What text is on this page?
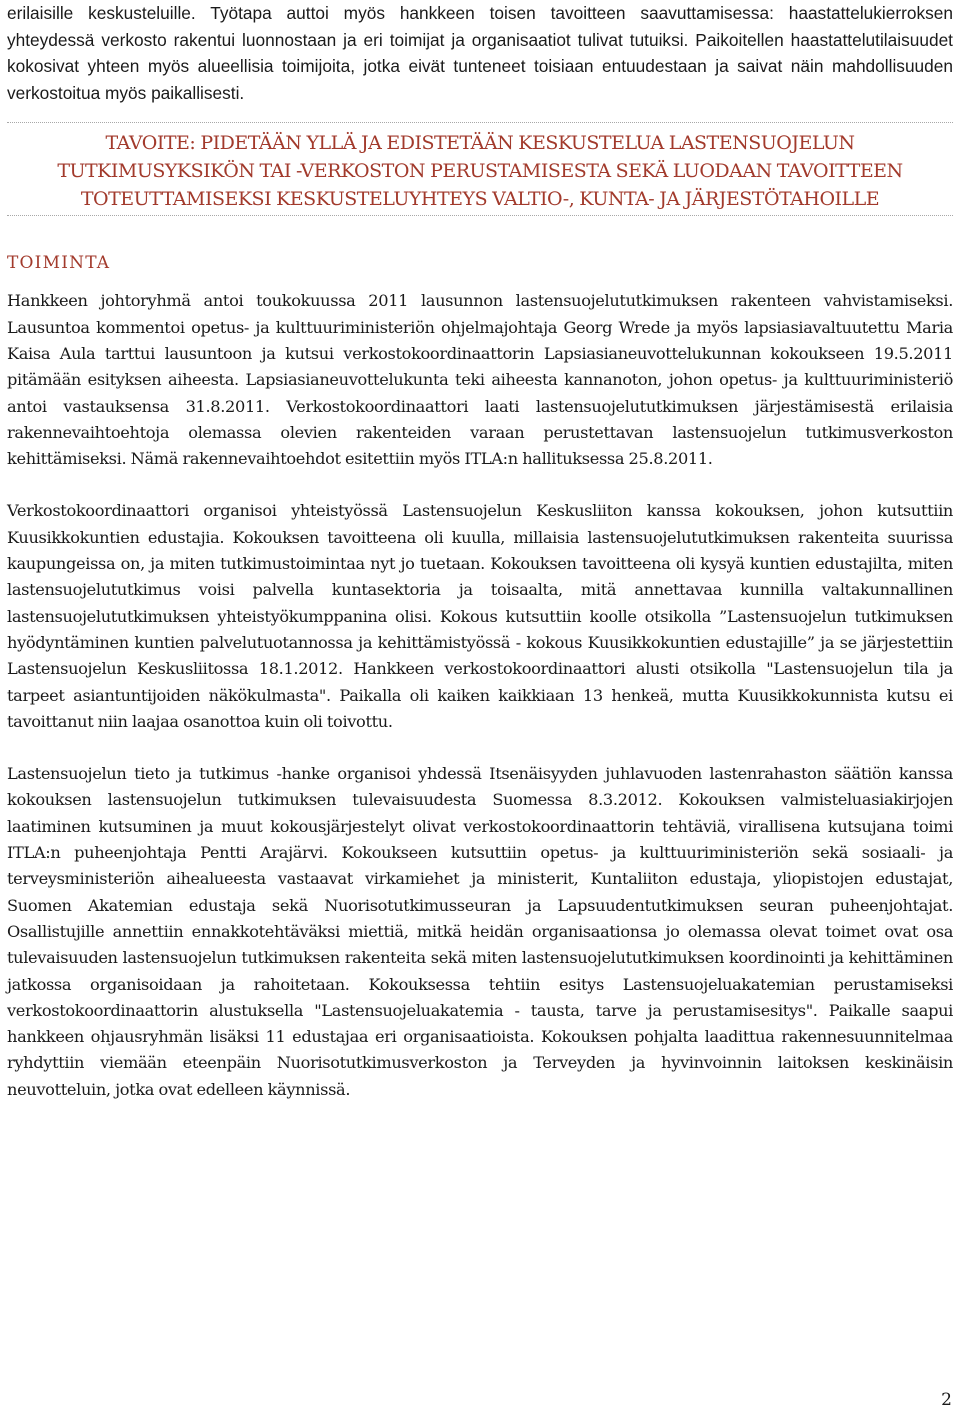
erilaisille keskusteluille. Työtapa auttoi myös hankkeen toisen tavoitteen saavuttamisessa: haastattelukierroksen yhteydessä verkosto rakentui luonnostaan ja eri toimijat ja organisaatiot tulivat tutuiksi. Paikoitellen haastattelutilaisuudet kokosivat yhteen myös alueellisia toimijoita, jotka eivät tunteneet toisiaan entuudestaan ja saivat näin mahdollisuuden verkostoitua myös paikallisesti.

TAVOITE: PIDETÄÄN YLLÄ JA EDISTETÄÄN KESKUSTELUA LASTENSUOJELUN
TUTKIMUSYKSIKÖN TAI -VERKOSTON PERUSTAMISESTA SEKÄ LUODAAN TAVOITTEEN
TOTEUTTAMISEKSI KESKUSTELUYHTEYS VALTIO-, KUNTA- JA JÄRJESTÖTAHOILLE
TOIMINTA

Hankkeen johtoryhmä antoi toukokuussa 2011 lausunnon lastensuojelututkimuksen rakenteen vahvistamiseksi. Lausuntoa kommentoi opetus- ja kulttuuriministeriön ohjelmajohtaja Georg Wrede ja myös lapsiasiavaltuutettu Maria Kaisa Aula tarttui lausuntoon ja kutsui verkostokoordinaattorin Lapsiasianeuvottelukunnan kokoukseen 19.5.2011 pitämään esityksen aiheesta. Lapsiasianeuvottelukunta teki aiheesta kannanoton, johon opetus- ja kulttuuriministeriö antoi vastauksensa 31.8.2011. Verkostokoordinaattori laati lastensuojelututkimuksen järjestämisestä erilaisia rakennevaihtoehtoja olemassa olevien rakenteiden varaan perustettavan lastensuojelun tutkimusverkoston kehittämiseksi. Nämä rakennevaihtoehdot esitettiin myös ITLA:n hallituksessa 25.8.2011.

Verkostokoordinaattori organisoi yhteistyössä Lastensuojelun Keskusliiton kanssa kokouksen, johon kutsuttiin Kuusikkokuntien edustajia. Kokouksen tavoitteena oli kuulla, millaisia lastensuojelututkimuksen rakenteita suurissa kaupungeissa on, ja miten tutkimustoimintaa nyt jo tuetaan. Kokouksen tavoitteena oli kysyä kuntien edustajilta, miten lastensuojelututkimus voisi palvella kuntasektoria ja toisaalta, mitä annettavaa kunnilla valtakunnallinen lastensuojelututkimuksen yhteistyökumppanina olisi. Kokous kutsuttiin koolle otsikolla ”Lastensuojelun tutkimuksen hyödyntäminen kuntien palvelutuotannossa ja kehittämistyössä - kokous Kuusikkokuntien edustajille” ja se järjestettiin Lastensuojelun Keskusliitossa 18.1.2012. Hankkeen verkostokoordinaattori alusti otsikolla "Lastensuojelun tila ja tarpeet asiantuntijoiden näkökulmasta". Paikalla oli kaiken kaikkiaan 13 henkeä, mutta Kuusikkokunnista kutsu ei tavoittanut niin laajaa osanottoa kuin oli toivottu.

Lastensuojelun tieto ja tutkimus -hanke organisoi yhdessä Itsenäisyyden juhlavuoden lastenrahaston säätiön kanssa kokouksen lastensuojelun tutkimuksen tulevaisuudesta Suomessa 8.3.2012. Kokouksen valmisteluasiakirjojen laatiminen kutsuminen ja muut kokousjärjestelyt olivat verkostokoordinaattorin tehtäviä, virallisena kutsujana toimi ITLA:n puheenjohtaja Pentti Arajärvi. Kokoukseen kutsuttiin opetus- ja kulttuuriministeriön sekä sosiaali- ja terveysministeriön aihealueesta vastaavat virkamiehet ja ministerit, Kuntaliiton edustaja, yliopistojen edustajat, Suomen Akatemian edustaja sekä Nuorisotutkimusseuran ja Lapsuudentutkimuksen seuran puheenjohtajat. Osallistujille annettiin ennakkotehtäväksi miettiä, mitkä heidän organisaationsa jo olemassa olevat toimet ovat osa tulevaisuuden lastensuojelun tutkimuksen rakenteita sekä miten lastensuojelututkimuksen koordinointi ja kehittäminen jatkossa organisoidaan ja rahoitetaan. Kokouksessa tehtiin esitys Lastensuojeluakatemian perustamiseksi verkostokoordinaattorin alustuksella "Lastensuojeluakatemia - tausta, tarve ja perustamisesitys". Paikalle saapui hankkeen ohjausryhmän lisäksi 11 edustajaa eri organisaatioista. Kokouksen pohjalta laadittua rakennesuunnitelmaa ryhdyttiin viemään eteenpäin Nuorisotutkimusverkoston ja Terveyden ja hyvinvoinnin laitoksen keskinäisin neuvotteluin, jotka ovat edelleen käynnissä.

2
